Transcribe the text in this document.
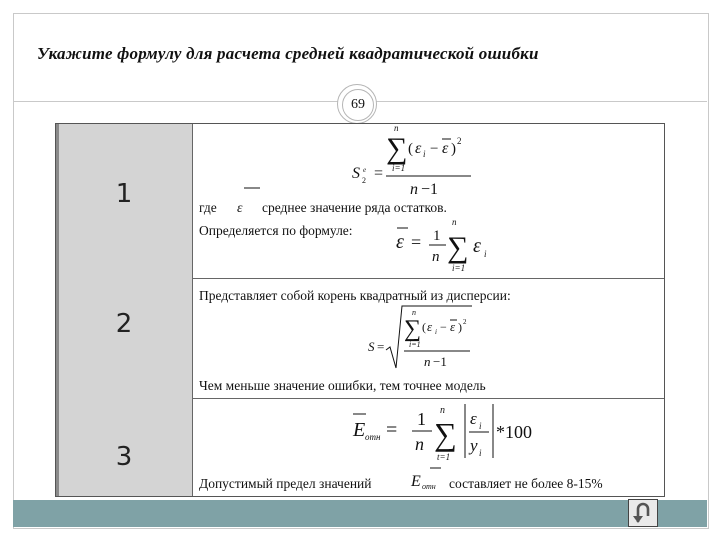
Укажите формулу для расчета средней квадратической ошибки
69
1
2
3
n
∑
i=1
( ε i − ε ) 2
S e
2 =
n −1
ε
где	среднее значение ряда остатков.
Определяется по формуле:
ε = 1
n
n
∑
i=1
ε i
Представляет собой корень квадратный из дисперсии:
S =
n
∑
i=1
( ε i − ε ) 2
n −1
Чем меньше значение ошибки, тем точнее модель
E отн = 1
n
n
∑
t=1
ε i
y i
*100
E отн
Допустимый предел значений	составляет не более 8-15%
